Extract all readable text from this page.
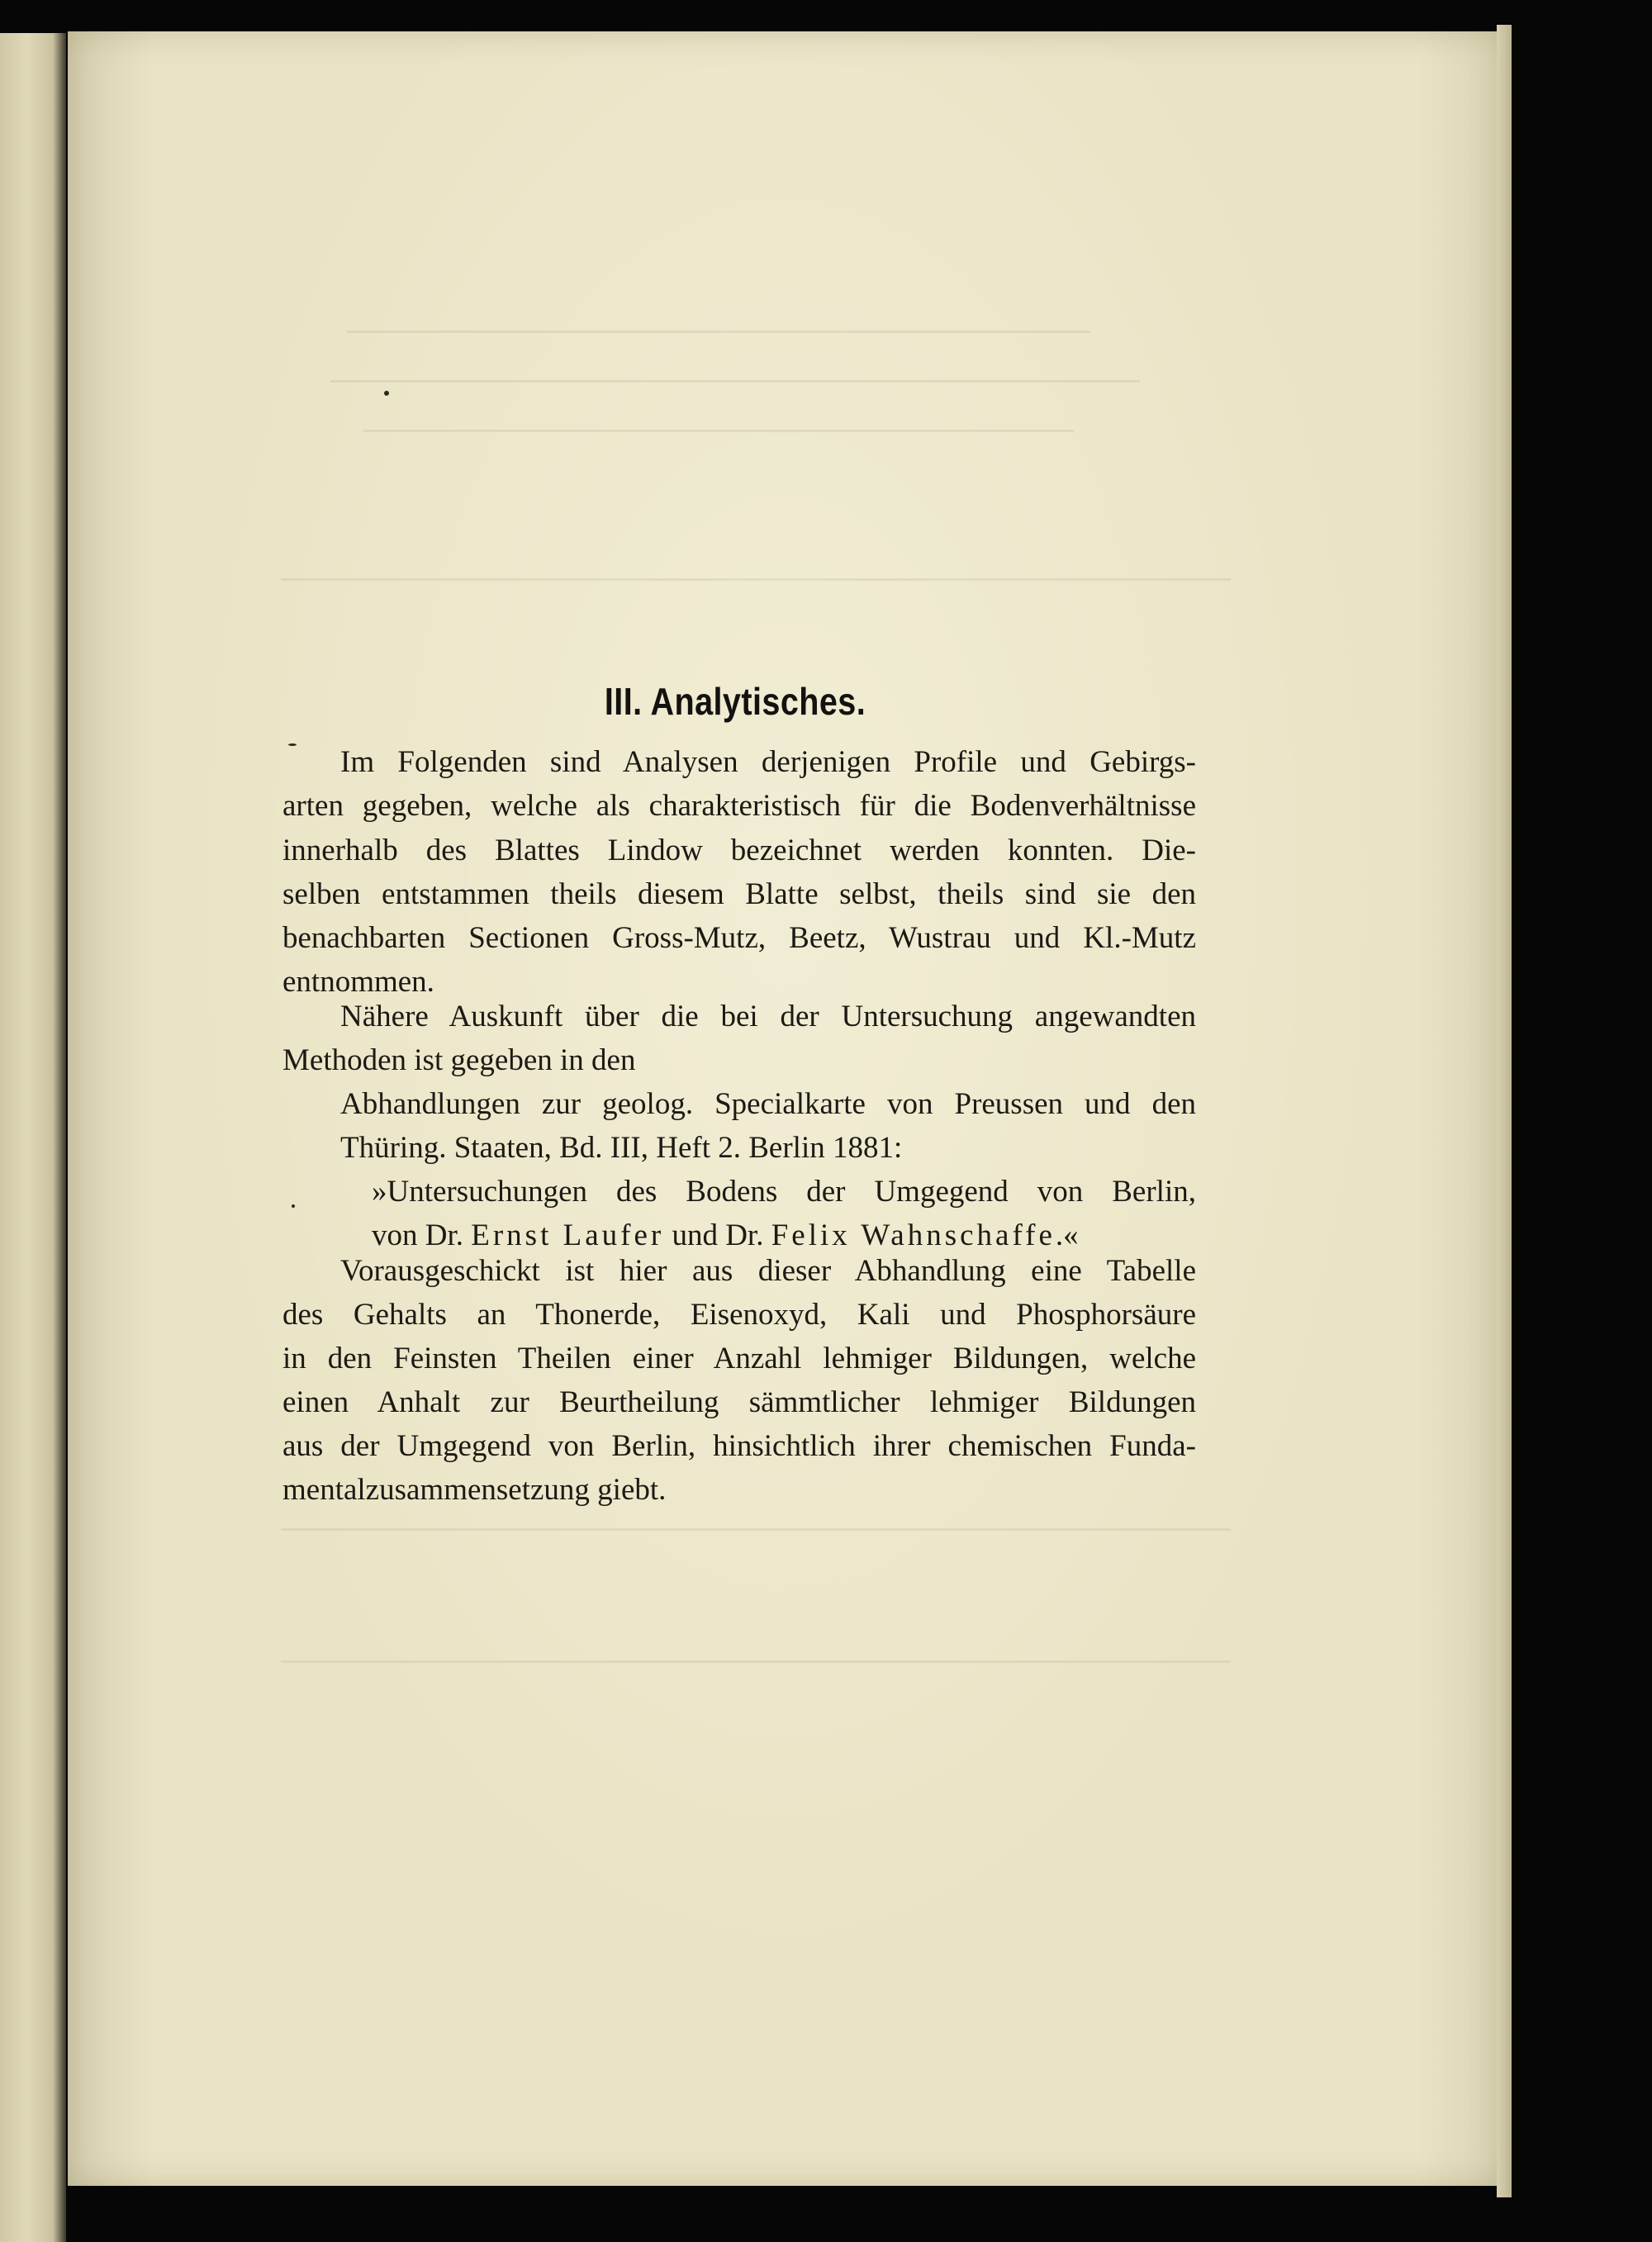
III. Analytisches.
Im Folgenden sind Analysen derjenigen Profile und Gebirgs-
arten gegeben, welche als charakteristisch für die Bodenverhältnisse
innerhalb des Blattes Lindow bezeichnet werden konnten. Die-
selben entstammen theils diesem Blatte selbst, theils sind sie den
benachbarten Sectionen Gross-Mutz, Beetz, Wustrau und Kl.-Mutz
entnommen.
Nähere Auskunft über die bei der Untersuchung angewandten
Methoden ist gegeben in den
Abhandlungen zur geolog. Specialkarte von Preussen und den
Thüring. Staaten, Bd. III, Heft 2. Berlin 1881:
»Untersuchungen des Bodens der Umgegend von Berlin,
von Dr. Ernst Laufer und Dr. Felix Wahnschaffe.«
Vorausgeschickt ist hier aus dieser Abhandlung eine Tabelle
des Gehalts an Thonerde, Eisenoxyd, Kali und Phosphorsäure
in den Feinsten Theilen einer Anzahl lehmiger Bildungen, welche
einen Anhalt zur Beurtheilung sämmtlicher lehmiger Bildungen
aus der Umgegend von Berlin, hinsichtlich ihrer chemischen Funda-
mentalzusammensetzung giebt.
